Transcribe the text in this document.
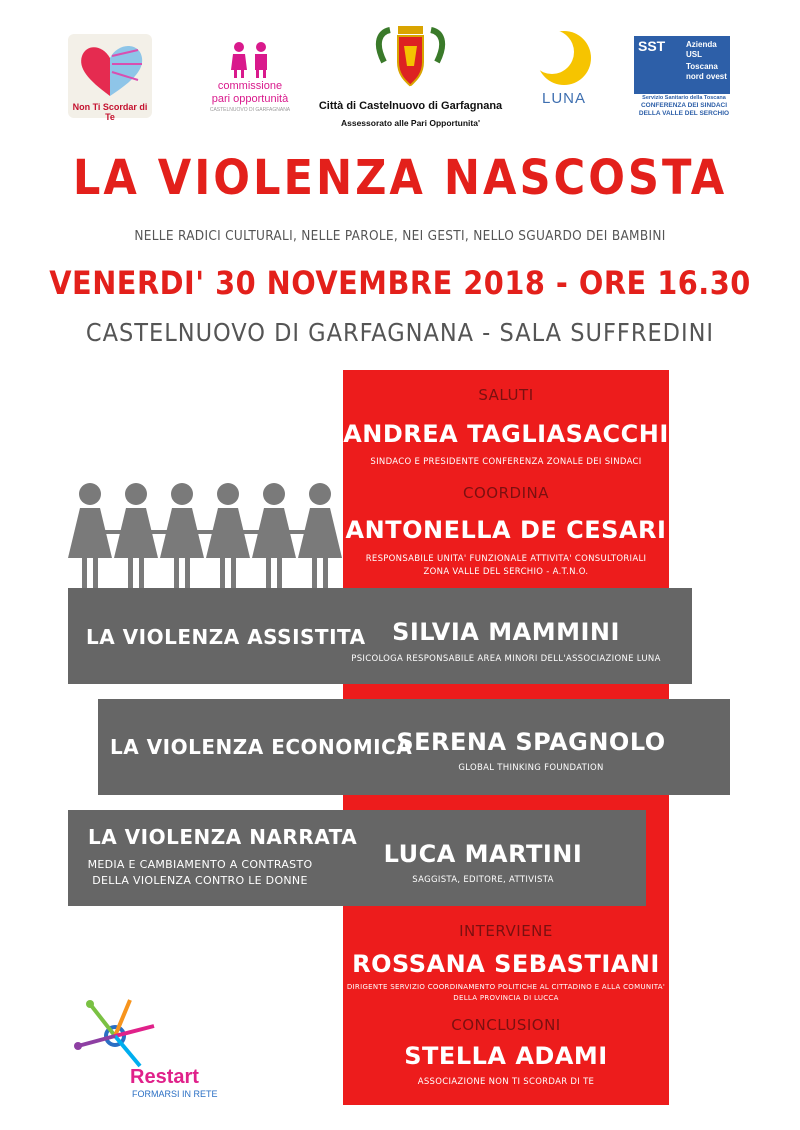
Non Ti Scordar di Te
commissione
pari opportunità
CASTELNUOVO DI GARFAGNANA	Città di Castelnuovo di Garfagnana
Assessorato alle Pari Opportunita'
LUNA
SST	Azienda
USL
Toscana
nord ovest
Servizio Sanitario della Toscana
CONFERENZA DEI SINDACI
DELLA VALLE DEL SERCHIO
LA VIOLENZA NASCOSTA
NELLE RADICI CULTURALI, NELLE PAROLE, NEI GESTI, NELLO SGUARDO DEI BAMBINI
VENERDI' 30 NOVEMBRE 2018 - ORE 16.30
CASTELNUOVO DI GARFAGNANA - SALA SUFFREDINI
SALUTI
ANDREA TAGLIASACCHI
SINDACO E PRESIDENTE CONFERENZA ZONALE DEI SINDACI
COORDINA
ANTONELLA DE CESARI
RESPONSABILE UNITA' FUNZIONALE ATTIVITA' CONSULTORIALI
ZONA VALLE DEL SERCHIO - A.T.N.O.
LA VIOLENZA ASSISTITA	SILVIA MAMMINI
PSICOLOGA RESPONSABILE AREA MINORI DELL'ASSOCIAZIONE LUNA
LA VIOLENZA ECONOMICA
SERENA SPAGNOLO
GLOBAL THINKING FOUNDATION
LA VIOLENZA NARRATA
MEDIA E CAMBIAMENTO A CONTRASTO
DELLA VIOLENZA CONTRO LE DONNE
LUCA MARTINI
SAGGISTA, EDITORE, ATTIVISTA
INTERVIENE
ROSSANA SEBASTIANI
DIRIGENTE SERVIZIO COORDINAMENTO POLITICHE AL CITTADINO E ALLA COMUNITA'
DELLA PROVINCIA DI LUCCA
CONCLUSIONI
STELLA ADAMI
ASSOCIAZIONE NON TI SCORDAR DI TE
Restart
FORMARSI IN RETE
